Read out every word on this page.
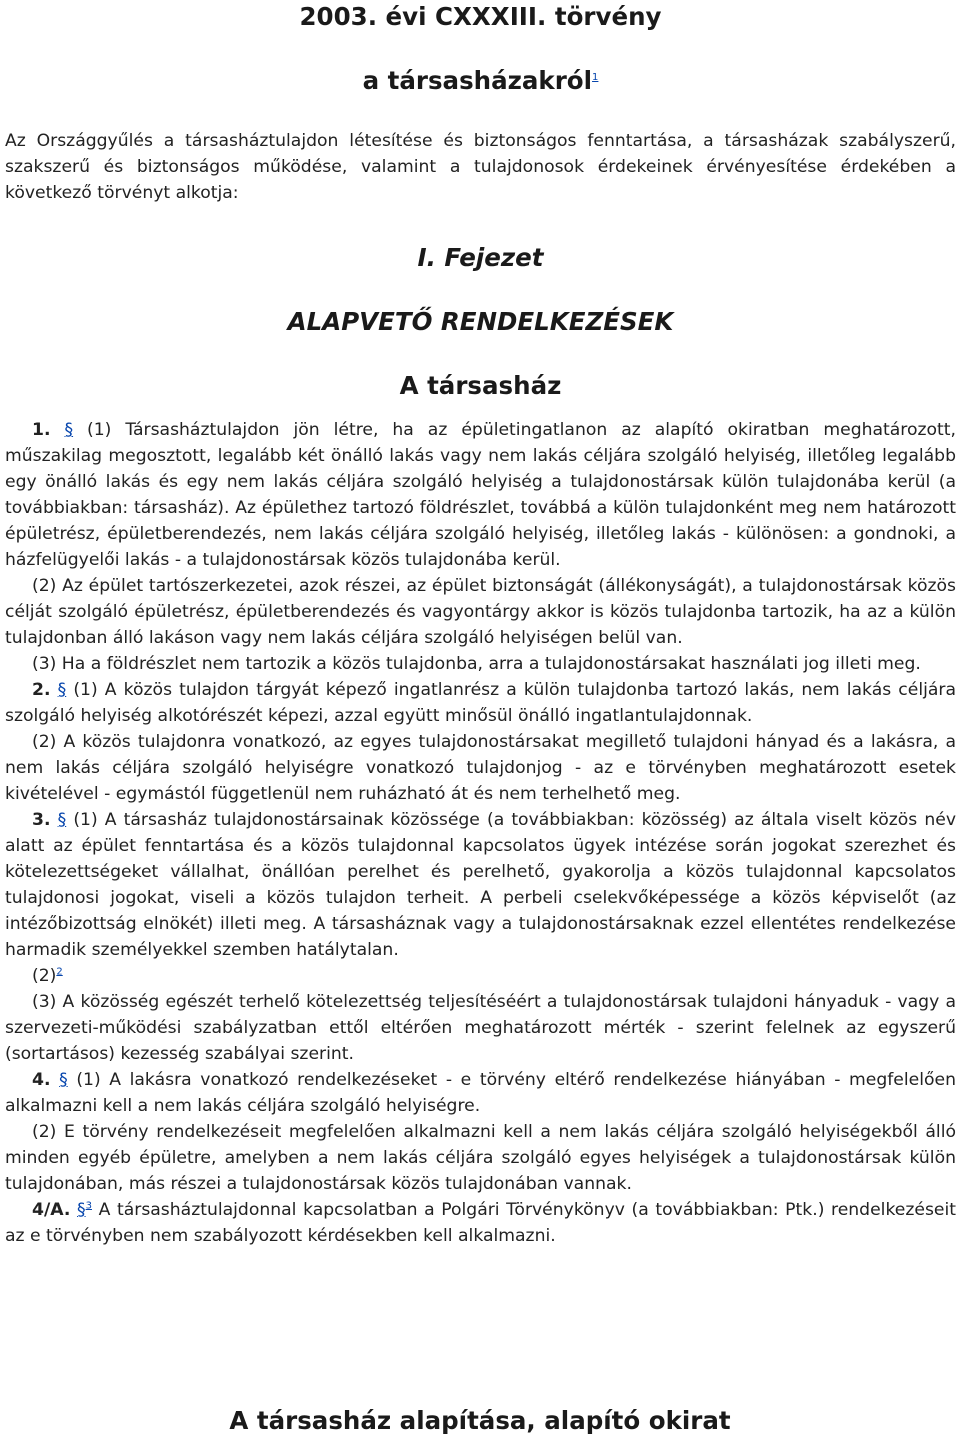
2003. évi CXXXIII. törvény
a társasházakról$^1$

Az Országgyűlés a társasháztulajdon létesítése és biztonságos fenntartása, a társasházak szabályszerű, szakszerű és biztonságos működése, valamint a tulajdonosok érdekeinek érvényesítése érdekében a következő törvényt alkotja:

I. Fejezet
ALAPVETŐ RENDELKEZÉSEK
A társasház

1. § (1) Társasháztulajdon jön létre, ha az épületingatlanon az alapító okiratban meghatározott, műszakilag megosztott, legalább két önálló lakás vagy nem lakás céljára szolgáló helyiség, illetőleg legalább egy önálló lakás és egy nem lakás céljára szolgáló helyiség a tulajdonostársak külön tulajdonába kerül (a továbbiakban: társasház). Az épülethez tartozó földrészlet, továbbá a külön tulajdonként meg nem határozott épületrész, épületberendezés, nem lakás céljára szolgáló helyiség, illetőleg lakás - különösen: a gondnoki, a házfelügyelői lakás - a tulajdonostársak közös tulajdonába kerül.

(2) Az épület tartószerkezetei, azok részei, az épület biztonságát (állékonyságát), a tulajdonostársak közös célját szolgáló épületrész, épületberendezés és vagyontárgy akkor is közös tulajdonba tartozik, ha az a külön tulajdonban álló lakáson vagy nem lakás céljára szolgáló helyiségen belül van.

(3) Ha a földrészlet nem tartozik a közös tulajdonba, arra a tulajdonostársakat használati jog illeti meg.

2. § (1) A közös tulajdon tárgyát képező ingatlanrész a külön tulajdonba tartozó lakás, nem lakás céljára szolgáló helyiség alkotórészét képezi, azzal együtt minősül önálló ingatlantulajdonnak.

(2) A közös tulajdonra vonatkozó, az egyes tulajdonostársakat megillető tulajdoni hányad és a lakásra, a nem lakás céljára szolgáló helyiségre vonatkozó tulajdonjog - az e törvényben meghatározott esetek kivételével - egymástól függetlenül nem ruházható át és nem terhelhető meg.

3. § (1) A társasház tulajdonostársainak közössége (a továbbiakban: közösség) az általa viselt közös név alatt az épület fenntartása és a közös tulajdonnal kapcsolatos ügyek intézése során jogokat szerezhet és kötelezettségeket vállalhat, önállóan perelhet és perelhető, gyakorolja a közös tulajdonnal kapcsolatos tulajdonosi jogokat, viseli a közös tulajdon terheit. A perbeli cselekvőképessége a közös képviselőt (az intézőbizottság elnökét) illeti meg. A társasháznak vagy a tulajdonostársaknak ezzel ellentétes rendelkezése harmadik személyekkel szemben hatálytalan.

(2)$^2$

(3) A közösség egészét terhelő kötelezettség teljesítéséért a tulajdonostársak tulajdoni hányaduk - vagy a szervezeti-működési szabályzatban ettől eltérően meghatározott mérték - szerint felelnek az egyszerű (sortartásos) kezesség szabályai szerint.

4. § (1) A lakásra vonatkozó rendelkezéseket - e törvény eltérő rendelkezése hiányában - megfelelően alkalmazni kell a nem lakás céljára szolgáló helyiségre.

(2) E törvény rendelkezéseit megfelelően alkalmazni kell a nem lakás céljára szolgáló helyiségekből álló minden egyéb épületre, amelyben a nem lakás céljára szolgáló egyes helyiségek a tulajdonostársak külön tulajdonában, más részei a tulajdonostársak közös tulajdonában vannak.

4/A. §$^3$ A társasháztulajdonnal kapcsolatban a Polgári Törvénykönyv (a továbbiakban: Ptk.) rendelkezéseit az e törvényben nem szabályozott kérdésekben kell alkalmazni.

A társasház alapítása, alapító okirat
